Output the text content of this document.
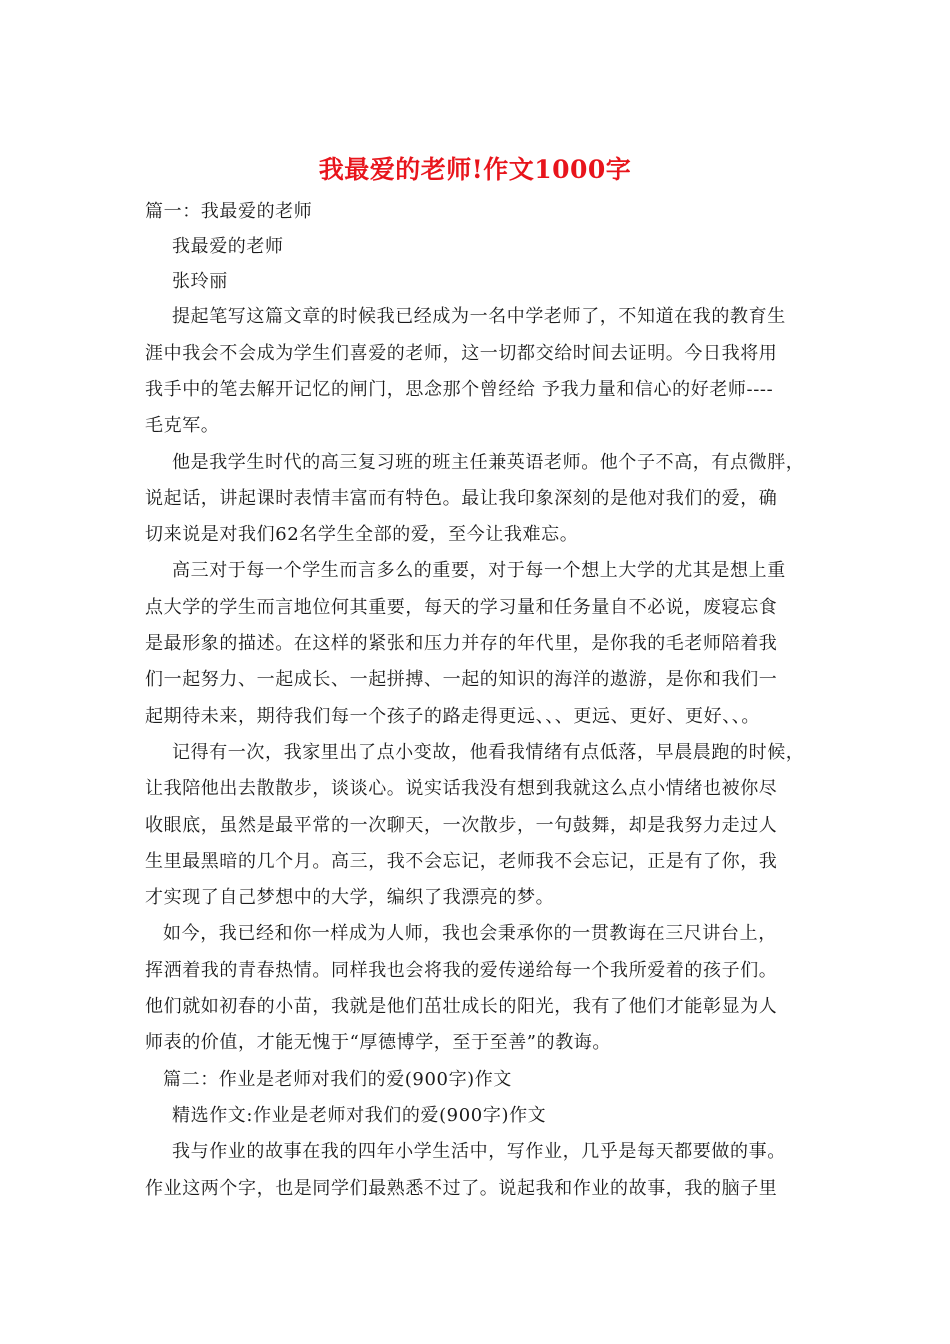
我最爱的老师!作文1000字
篇一：我最爱的老师
我最爱的老师
张玲丽
提起笔写这篇文章的时候我已经成为一名中学老师了，不知道在我的教育生
涯中我会不会成为学生们喜爱的老师，这一切都交给时间去证明。今日我将用
我手中的笔去解开记忆的闸门，思念那个曾经给 予我力量和信心的好老师----
毛克军。
他是我学生时代的高三复习班的班主任兼英语老师。他个子不高，有点微胖，
说起话，讲起课时表情丰富而有特色。最让我印象深刻的是他对我们的爱，确
切来说是对我们62名学生全部的爱，至今让我难忘。
高三对于每一个学生而言多么的重要，对于每一个想上大学的尤其是想上重
点大学的学生而言地位何其重要，每天的学习量和任务量自不必说，废寝忘食
是最形象的描述。在这样的紧张和压力并存的年代里，是你我的毛老师陪着我
们一起努力、一起成长、一起拼搏、一起的知识的海洋的遨游，是你和我们一
起期待未来，期待我们每一个孩子的路走得更远、、、更远、更好、更好、、。
记得有一次，我家里出了点小变故，他看我情绪有点低落，早晨晨跑的时候，
让我陪他出去散散步，谈谈心。说实话我没有想到我就这么点小情绪也被你尽
收眼底，虽然是最平常的一次聊天，一次散步，一句鼓舞，却是我努力走过人
生里最黑暗的几个月。高三，我不会忘记，老师我不会忘记，正是有了你，我
才实现了自己梦想中的大学，编织了我漂亮的梦。
如今，我已经和你一样成为人师，我也会秉承你的一贯教诲在三尺讲台上，
挥洒着我的青春热情。同样我也会将我的爱传递给每一个我所爱着的孩子们。
他们就如初春的小苗，我就是他们茁壮成长的阳光，我有了他们才能彰显为人
师表的价值，才能无愧于“厚德博学，至于至善”的教诲。
篇二：作业是老师对我们的爱(900字)作文
精选作文:作业是老师对我们的爱(900字)作文
我与作业的故事在我的四年小学生活中，写作业，几乎是每天都要做的事。
作业这两个字，也是同学们最熟悉不过了。说起我和作业的故事，我的脑子里
